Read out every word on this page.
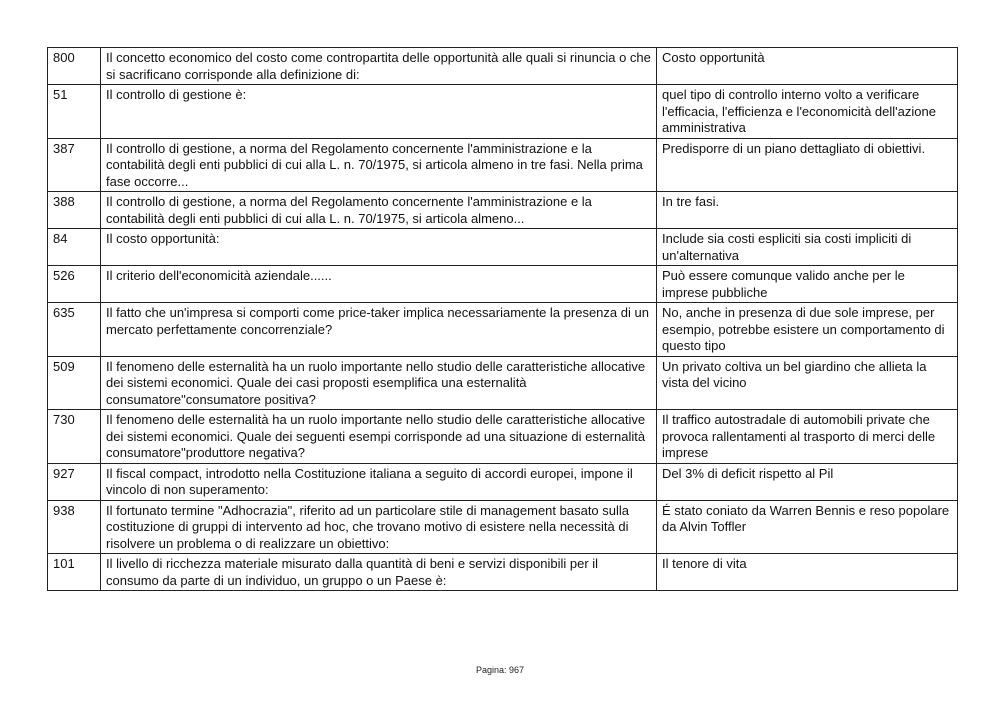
800	Il concetto economico del costo come contropartita delle opportunità alle quali si rinuncia o che si sacrificano corrisponde alla definizione di:	Costo opportunità
51	Il controllo di gestione è:	quel tipo di controllo interno volto a verificare l'efficacia, l'efficienza e l'economicità dell'azione amministrativa
387	Il controllo di gestione, a norma del Regolamento concernente l'amministrazione e la contabilità degli enti pubblici di cui alla L. n. 70/1975, si articola almeno in tre fasi. Nella prima fase occorre...	Predisporre di un piano dettagliato di obiettivi.
388	Il controllo di gestione, a norma del Regolamento concernente l'amministrazione e la contabilità degli enti pubblici di cui alla L. n. 70/1975, si articola almeno...	In tre fasi.
84	Il costo opportunità:	Include sia costi espliciti sia costi impliciti di un'alternativa
526	Il criterio dell'economicità aziendale......	Può essere comunque valido anche per le imprese pubbliche
635	Il fatto che un'impresa si comporti come price-taker implica necessariamente la presenza di un mercato perfettamente concorrenziale?	No, anche in presenza di due sole imprese, per esempio, potrebbe esistere un comportamento di questo tipo
509	Il fenomeno delle esternalità ha un ruolo importante nello studio delle caratteristiche allocative dei sistemi economici. Quale dei casi proposti esemplifica una esternalità consumatore"consumatore positiva?	Un privato coltiva un bel giardino che allieta la vista del vicino
730	Il fenomeno delle esternalità ha un ruolo importante nello studio delle caratteristiche allocative dei sistemi economici. Quale dei seguenti esempi corrisponde ad una situazione di esternalità consumatore"produttore negativa?	Il traffico autostradale di automobili private che provoca rallentamenti al trasporto di merci delle imprese
927	Il fiscal compact, introdotto nella Costituzione italiana a seguito di accordi europei, impone il vincolo di non superamento:	Del 3% di deficit rispetto al Pil
938	Il fortunato termine "Adhocrazia", riferito ad un particolare stile di management basato sulla costituzione di gruppi di intervento ad hoc, che trovano motivo di esistere nella necessità di risolvere un problema o di realizzare un obiettivo:	É stato coniato da Warren Bennis e reso popolare da Alvin Toffler
101	Il livello di ricchezza materiale misurato dalla quantità di beni e servizi disponibili per il consumo da parte di un individuo, un gruppo o un Paese è:	Il tenore di vita
Pagina: 967
